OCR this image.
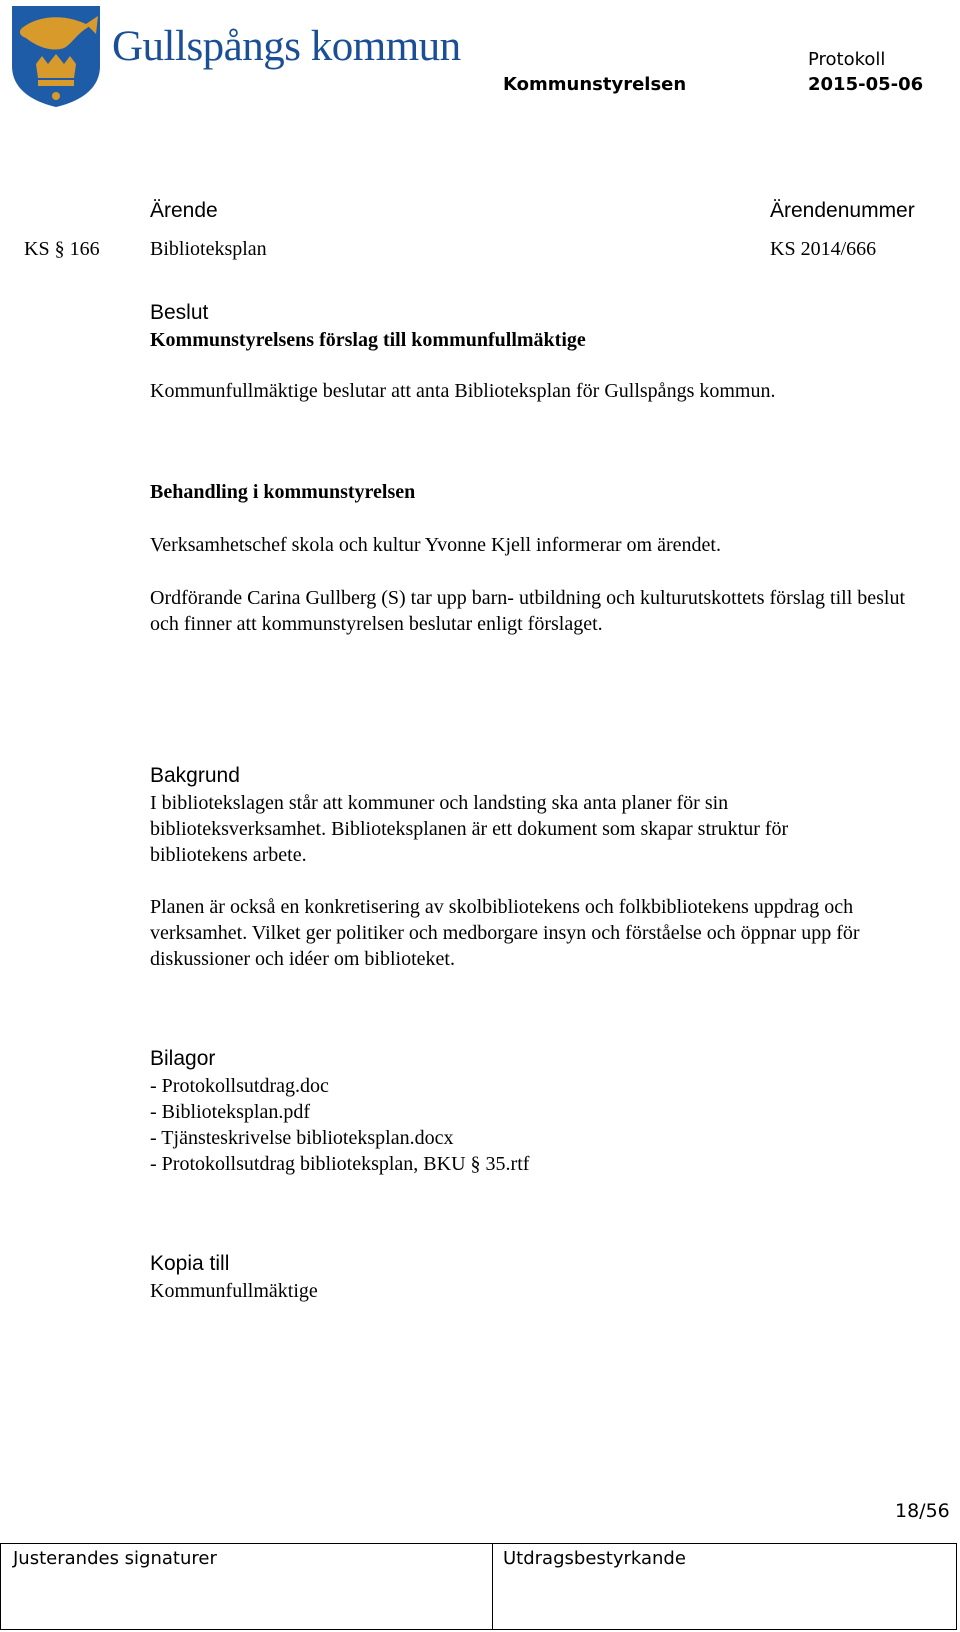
Gullspångs kommun	Protokoll
Kommunstyrelsen	2015-05-06
Ärende	Ärendenummer
KS § 166	Biblioteksplan	KS 2014/666
Beslut
Kommunstyrelsens förslag till kommunfullmäktige
Kommunfullmäktige beslutar att anta Biblioteksplan för Gullspångs kommun.
Behandling i kommunstyrelsen
Verksamhetschef skola och kultur Yvonne Kjell informerar om ärendet.
Ordförande Carina Gullberg (S) tar upp barn- utbildning och kulturutskottets förslag till beslut och finner att kommunstyrelsen beslutar enligt förslaget.
Bakgrund
I bibliotekslagen står att kommuner och landsting ska anta planer för sin biblioteksverksamhet. Biblioteksplanen är ett dokument som skapar struktur för bibliotekens arbete.
Planen är också en konkretisering av skolbibliotekens och folkbibliotekens uppdrag och verksamhet. Vilket ger politiker och medborgare insyn och förståelse och öppnar upp för diskussioner och idéer om biblioteket.
Bilagor
- Protokollsutdrag.doc
- Biblioteksplan.pdf
- Tjänsteskrivelse biblioteksplan.docx
- Protokollsutdrag biblioteksplan, BKU § 35.rtf
Kopia till
Kommunfullmäktige
18/56
Justerandes signaturer	Utdragsbestyrkande
